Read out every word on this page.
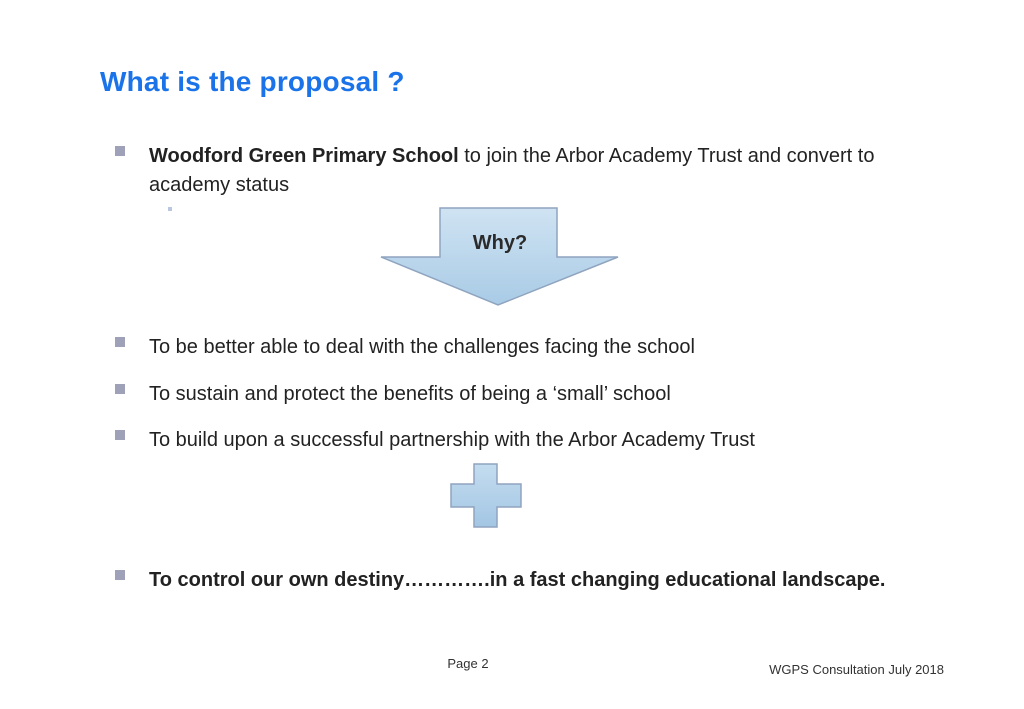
What is the proposal ?
Woodford Green Primary School to join the Arbor Academy Trust and convert to academy status
Why?
To be better able to deal with the challenges facing the school
To sustain and protect the benefits of being a ‘small’ school
To build upon a successful partnership with the Arbor Academy Trust
To control our own destiny………….in a fast changing educational landscape.
Page 2	WGPS Consultation July 2018
